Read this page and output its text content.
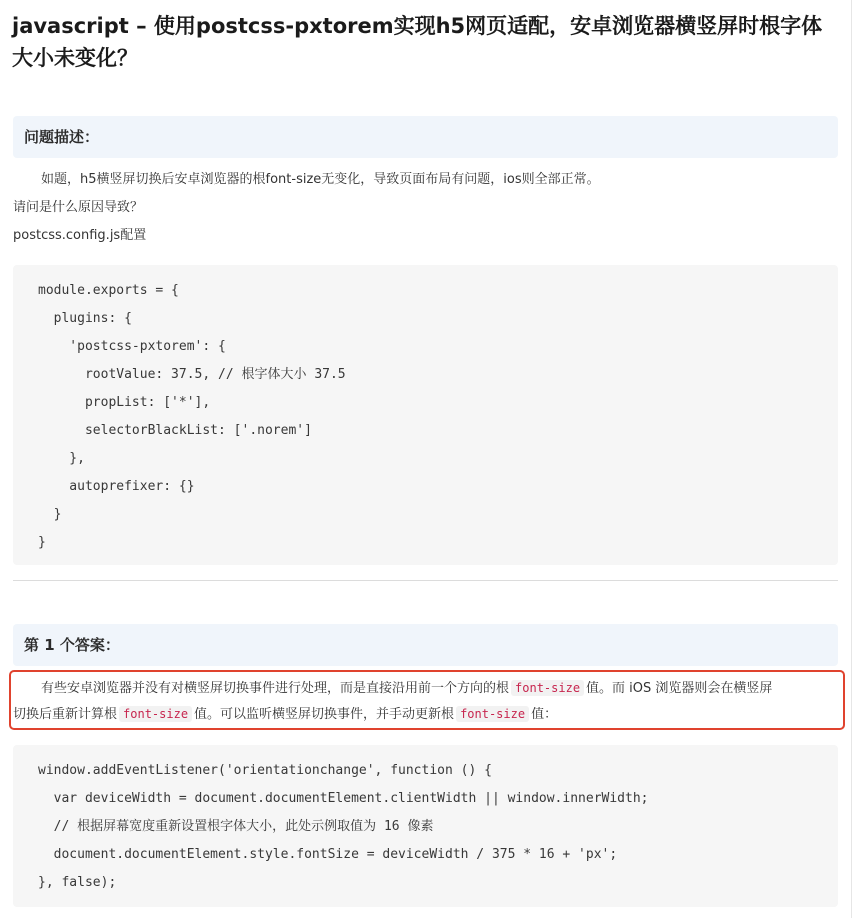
javascript – 使用postcss-pxtorem实现h5网页适配，安卓浏览器横竖屏时根字体大小未变化？
问题描述：

如题，h5横竖屏切换后安卓浏览器的根font-size无变化，导致页面布局有问题，ios则全部正常。

请问是什么原因导致？

postcss.config.js配置

module.exports = {
plugins: {
'postcss-pxtorem': {
rootValue: 37.5, // 根字体大小 37.5
propList: ['*'],
selectorBlackList: ['.norem']
},
autoprefixer: {}
}
}
第 1 个答案：

有些安卓浏览器并没有对横竖屏切换事件进行处理，而是直接沿用前一个方向的根 font-size 值。而 iOS 浏览器则会在横竖屏
切换后重新计算根 font-size 值。可以监听横竖屏切换事件，并手动更新根 font-size 值：

window.addEventListener('orientationchange', function () {
var deviceWidth = document.documentElement.clientWidth || window.innerWidth;
// 根据屏幕宽度重新设置根字体大小，此处示例取值为 16 像素
document.documentElement.style.fontSize = deviceWidth / 375 * 16 + 'px';
}, false);
